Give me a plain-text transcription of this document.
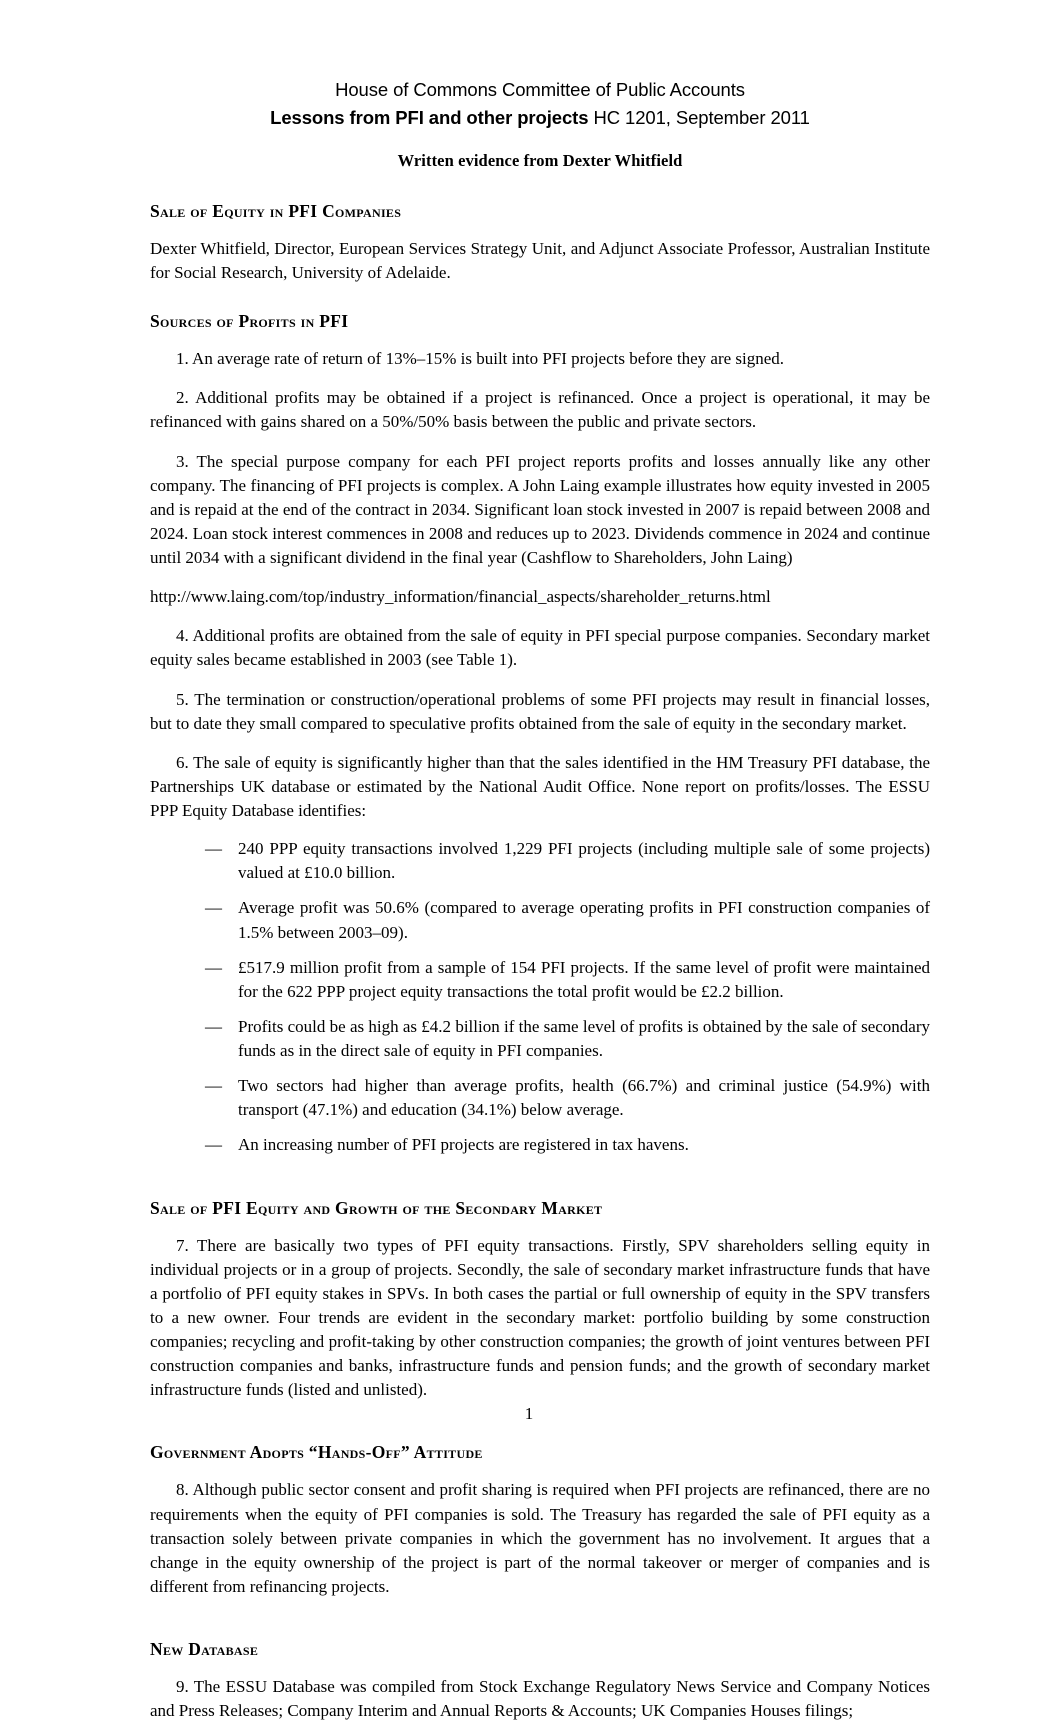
House of Commons Committee of Public Accounts

Lessons from PFI and other projects HC 1201, September 2011

Written evidence from Dexter Whitfield

Sale of Equity in PFI Companies

Dexter Whitfield, Director, European Services Strategy Unit, and Adjunct Associate Professor, Australian Institute for Social Research, University of Adelaide.

Sources of Profits in PFI

1. An average rate of return of 13%–15% is built into PFI projects before they are signed.

2. Additional profits may be obtained if a project is refinanced. Once a project is operational, it may be refinanced with gains shared on a 50%/50% basis between the public and private sectors.

3. The special purpose company for each PFI project reports profits and losses annually like any other company. The financing of PFI projects is complex. A John Laing example illustrates how equity invested in 2005 and is repaid at the end of the contract in 2034. Significant loan stock invested in 2007 is repaid between 2008 and 2024. Loan stock interest commences in 2008 and reduces up to 2023. Dividends commence in 2024 and continue until 2034 with a significant dividend in the final year (Cashflow to Shareholders, John Laing)

http://www.laing.com/top/industry_information/financial_aspects/shareholder_returns.html

4. Additional profits are obtained from the sale of equity in PFI special purpose companies. Secondary market equity sales became established in 2003 (see Table 1).

5. The termination or construction/operational problems of some PFI projects may result in financial losses, but to date they small compared to speculative profits obtained from the sale of equity in the secondary market.

6. The sale of equity is significantly higher than that the sales identified in the HM Treasury PFI database, the Partnerships UK database or estimated by the National Audit Office. None report on profits/losses. The ESSU PPP Equity Database identifies:

— 240 PPP equity transactions involved 1,229 PFI projects (including multiple sale of some projects) valued at £10.0 billion.
— Average profit was 50.6% (compared to average operating profits in PFI construction companies of 1.5% between 2003–09).
— £517.9 million profit from a sample of 154 PFI projects. If the same level of profit were maintained for the 622 PPP project equity transactions the total profit would be £2.2 billion.
— Profits could be as high as £4.2 billion if the same level of profits is obtained by the sale of secondary funds as in the direct sale of equity in PFI companies.
— Two sectors had higher than average profits, health (66.7%) and criminal justice (54.9%) with transport (47.1%) and education (34.1%) below average.
— An increasing number of PFI projects are registered in tax havens.
Sale of PFI Equity and Growth of the Secondary Market

7. There are basically two types of PFI equity transactions. Firstly, SPV shareholders selling equity in individual projects or in a group of projects. Secondly, the sale of secondary market infrastructure funds that have a portfolio of PFI equity stakes in SPVs. In both cases the partial or full ownership of equity in the SPV transfers to a new owner. Four trends are evident in the secondary market: portfolio building by some construction companies; recycling and profit-taking by other construction companies; the growth of joint ventures between PFI construction companies and banks, infrastructure funds and pension funds; and the growth of secondary market infrastructure funds (listed and unlisted).

Government Adopts “Hands-Off” Attitude

8. Although public sector consent and profit sharing is required when PFI projects are refinanced, there are no requirements when the equity of PFI companies is sold. The Treasury has regarded the sale of PFI equity as a transaction solely between private companies in which the government has no involvement. It argues that a change in the equity ownership of the project is part of the normal takeover or merger of companies and is different from refinancing projects.

New Database

9. The ESSU Database was compiled from Stock Exchange Regulatory News Service and Company Notices and Press Releases; Company Interim and Annual Reports & Accounts; UK Companies Houses filings;

1
